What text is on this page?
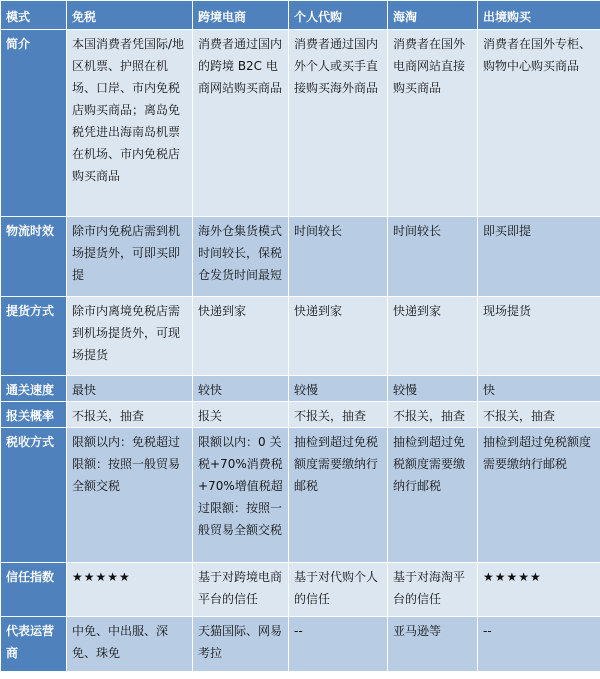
模式	免税	跨境电商	个人代购	海淘	出境购买
简介	本国消费者凭国际/地区机票、护照在机场、口岸、市内免税店购买商品；离岛免税凭进出海南岛机票在机场、市内免税店购买商品	消费者通过国内的跨境 B2C 电商网站购买商品	消费者通过国内外个人或买手直接购买海外商品	消费者在国外电商网站直接购买商品	消费者在国外专柜、购物中心购买商品
物流时效	除市内免税店需到机场提货外，可即买即提	海外仓集货模式时间较长，保税仓发货时间最短	时间较长	时间较长	即买即提
提货方式	除市内离境免税店需到机场提货外，可现场提货	快递到家	快递到家	快递到家	现场提货
通关速度	最快	较快	较慢	较慢	快
报关概率	不报关，抽查	报关	不报关，抽查	不报关，抽查	不报关，抽查
税收方式	限额以内：免税超过限额：按照一般贸易全额交税	限额以内：0 关税+70%消费税+70%增值税超过限额：按照一般贸易全额交税	抽检到超过免税额度需要缴纳行邮税	抽检到超过免税额度需要缴纳行邮税	抽检到超过免税额度需要缴纳行邮税
信任指数	★★★★★	基于对跨境电商平台的信任	基于对代购个人的信任	基于对海淘平台的信任	★★★★★
代表运营商	中免、中出服、深免、珠免	天猫国际、网易考拉	--	亚马逊等	--
